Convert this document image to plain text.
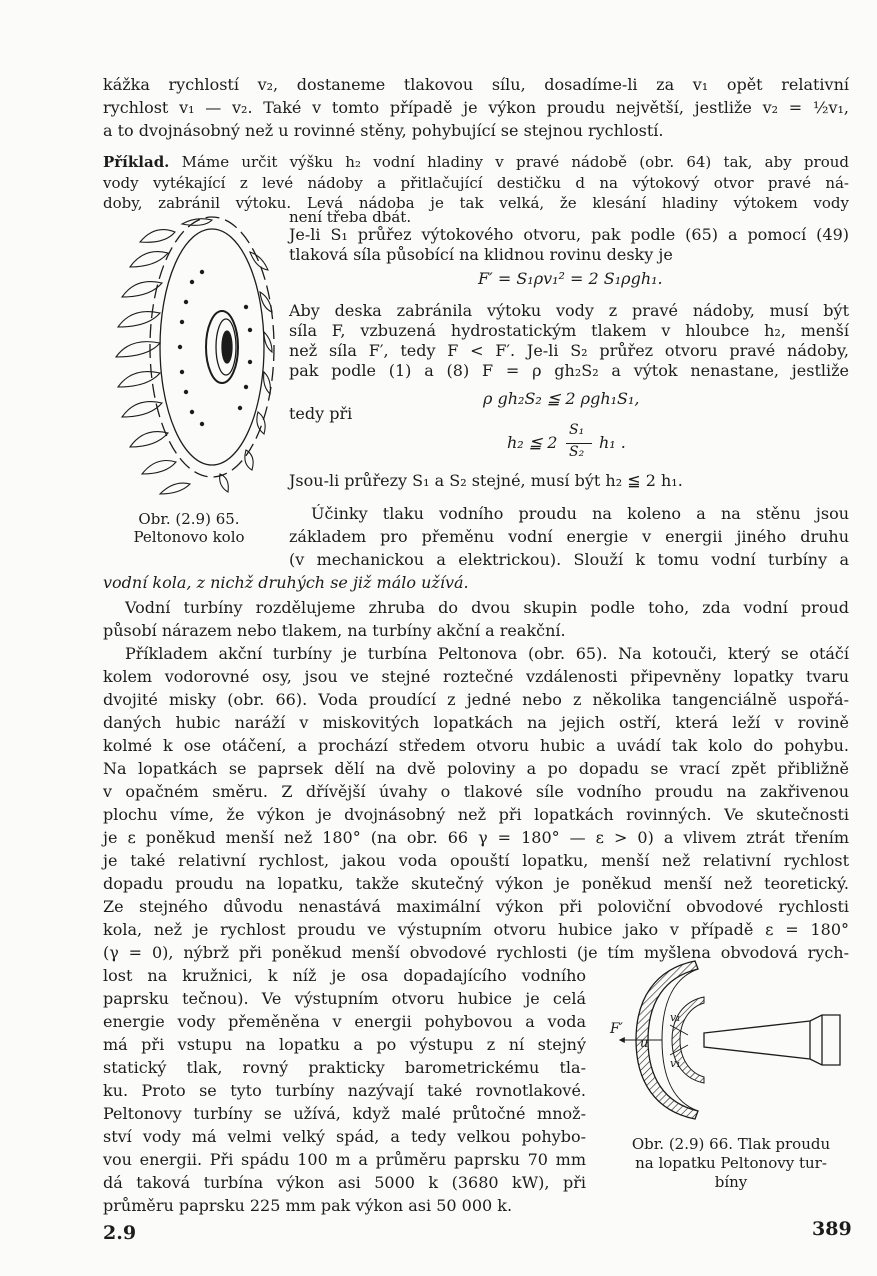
kážka rychlostí v₂, dostaneme tlakovou sílu, dosadíme-li za v₁ opět relativní

rychlost v₁ — v₂. Také v tomto případě je výkon proudu největší, jestliže v₂ = ½v₁,

a to dvojnásobný než u rovinné stěny, pohybující se stejnou rychlostí.

Příklad. Máme určit výšku h₂ vodní hladiny v pravé nádobě (obr. 64) tak, aby proud

vody vytékající z levé nádoby a přitlačující destičku d na výtokový otvor pravé ná-

doby, zabránil výtoku. Levá nádoba je tak velká, že klesání hladiny výtokem vody

není třeba dbát.

Je-li S₁ průřez výtokového otvoru, pak podle (65) a pomocí (49)

tlaková síla působící na klidnou rovinu desky je

F′ = S₁ρv₁² = 2 S₁ρgh₁.

Aby deska zabránila výtoku vody z pravé nádoby, musí být

síla F, vzbuzená hydrostatickým tlakem v hloubce h₂, menší

než síla F′, tedy F < F′. Je-li S₂ průřez otvoru pravé nádoby,

pak podle (1) a (8) F = ρ gh₂S₂ a výtok nenastane, jestliže

ρ gh₂S₂ ≦ 2 ρgh₁S₁,

tedy při

h₂ ≦ 2
S₁
S₂ h₁ .

Jsou-li průřezy S₁ a S₂ stejné, musí být h₂ ≦ 2 h₁.

Obr. (2.9) 65.

Peltonovo kolo

Účinky tlaku vodního proudu na koleno a na stěnu jsou

základem pro přeměnu vodní energie v energii jiného druhu

(v mechanickou a elektrickou). Slouží k tomu vodní turbíny a

vodní kola, z nichž druhých se již málo užívá.

Vodní turbíny rozdělujeme zhruba do dvou skupin podle toho, zda vodní proud

působí nárazem nebo tlakem, na turbíny akční a reakční.

Příkladem akční turbíny je turbína Peltonova (obr. 65). Na kotouči, který se otáčí

kolem vodorovné osy, jsou ve stejné roztečné vzdálenosti připevněny lopatky tvaru

dvojité misky (obr. 66). Voda proudící z jedné nebo z několika tangenciálně uspořá-

daných hubic naráží v miskovitých lopatkách na jejich ostří, která leží v rovině

kolmé k ose otáčení, a prochází středem otvoru hubic a uvádí tak kolo do pohybu.

Na lopatkách se paprsek dělí na dvě poloviny a po dopadu se vrací zpět přibližně

v opačném směru. Z dřívější úvahy o tlakové síle vodního proudu na zakřivenou

plochu víme, že výkon je dvojnásobný než při lopatkách rovinných. Ve skutečnosti

je ε poněkud menší než 180° (na obr. 66 γ = 180° — ε > 0) a vlivem ztrát třením

je také relativní rychlost, jakou voda opouští lopatku, menší než relativní rychlost

dopadu proudu na lopatku, takže skutečný výkon je poněkud menší než teoretický.

Ze stejného důvodu nenastává maximální výkon při poloviční obvodové rychlosti

kola, než je rychlost proudu ve výstupním otvoru hubice jako v případě ε = 180°

(γ = 0), nýbrž při poněkud menší obvodové rychlosti (je tím myšlena obvodová rych-

lost na kružnici, k níž je osa dopadajícího vodního

paprsku tečnou). Ve výstupním otvoru hubice je celá

energie vody přeměněna v energii pohybovou a voda

má při vstupu na lopatku a po výstupu z ní stejný

statický tlak, rovný prakticky barometrickému tla-

ku. Proto se tyto turbíny nazývají také rovnotlakové.

Peltonovy turbíny se užívá, když malé průtočné množ-

ství vody má velmi velký spád, a tedy velkou pohybo-

vou energii. Při spádu 100 m a průměru paprsku 70 mm

dá taková turbína výkon asi 5000 k (3680 kW), při

průměru paprsku 225 mm pak výkon asi 50 000 k.

F′
u
v₁
v₁

Obr. (2.9) 66. Tlak proudu

na lopatku Peltonovy tur-

bíny

2.9	389
